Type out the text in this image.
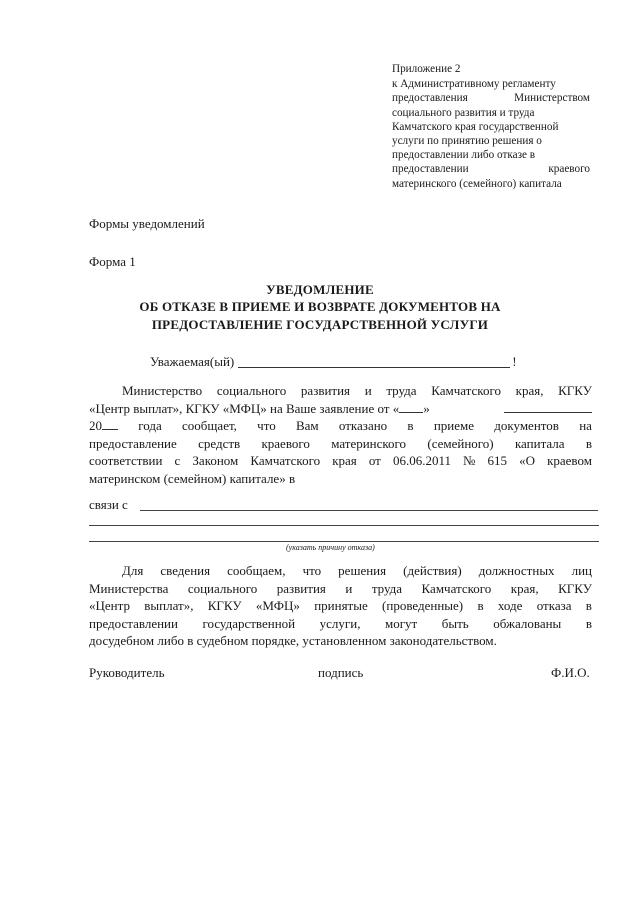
Приложение 2
к Административному регламенту
предоставления	Министерством
социального развития и труда
Камчатского края государственной
услуги по принятию решения о
предоставлении либо отказе в
предоставлении	краевого
материнского (семейного) капитала
Формы уведомлений
Форма 1
УВЕДОМЛЕНИЕ
ОБ ОТКАЗЕ В ПРИЕМЕ И ВОЗВРАТЕ ДОКУМЕНТОВ НА
ПРЕДОСТАВЛЕНИЕ ГОСУДАРСТВЕННОЙ УСЛУГИ
Уважаемая(ый)	!
Министерство социального развития и труда Камчатского края, КГКУ
«Центр выплат», КГКУ «МФЦ» на Ваше заявление от « »
20	года сообщает, что Вам отказано в приеме документов на
предоставление средств краевого материнского (семейного) капитала в
соответствии с Законом Камчатского края от 06.06.2011 № 615 «О краевом
материнском (семейном) капитале» в
связи с
(указать причину отказа)
Для сведения сообщаем, что решения (действия) должностных лиц
Министерства социального развития и труда Камчатского края, КГКУ
«Центр выплат», КГКУ «МФЦ» принятые (проведенные) в ходе отказа в
предоставлении государственной услуги, могут быть обжалованы в
досудебном либо в судебном порядке, установленном законодательством.
Руководитель	подпись	Ф.И.О.
